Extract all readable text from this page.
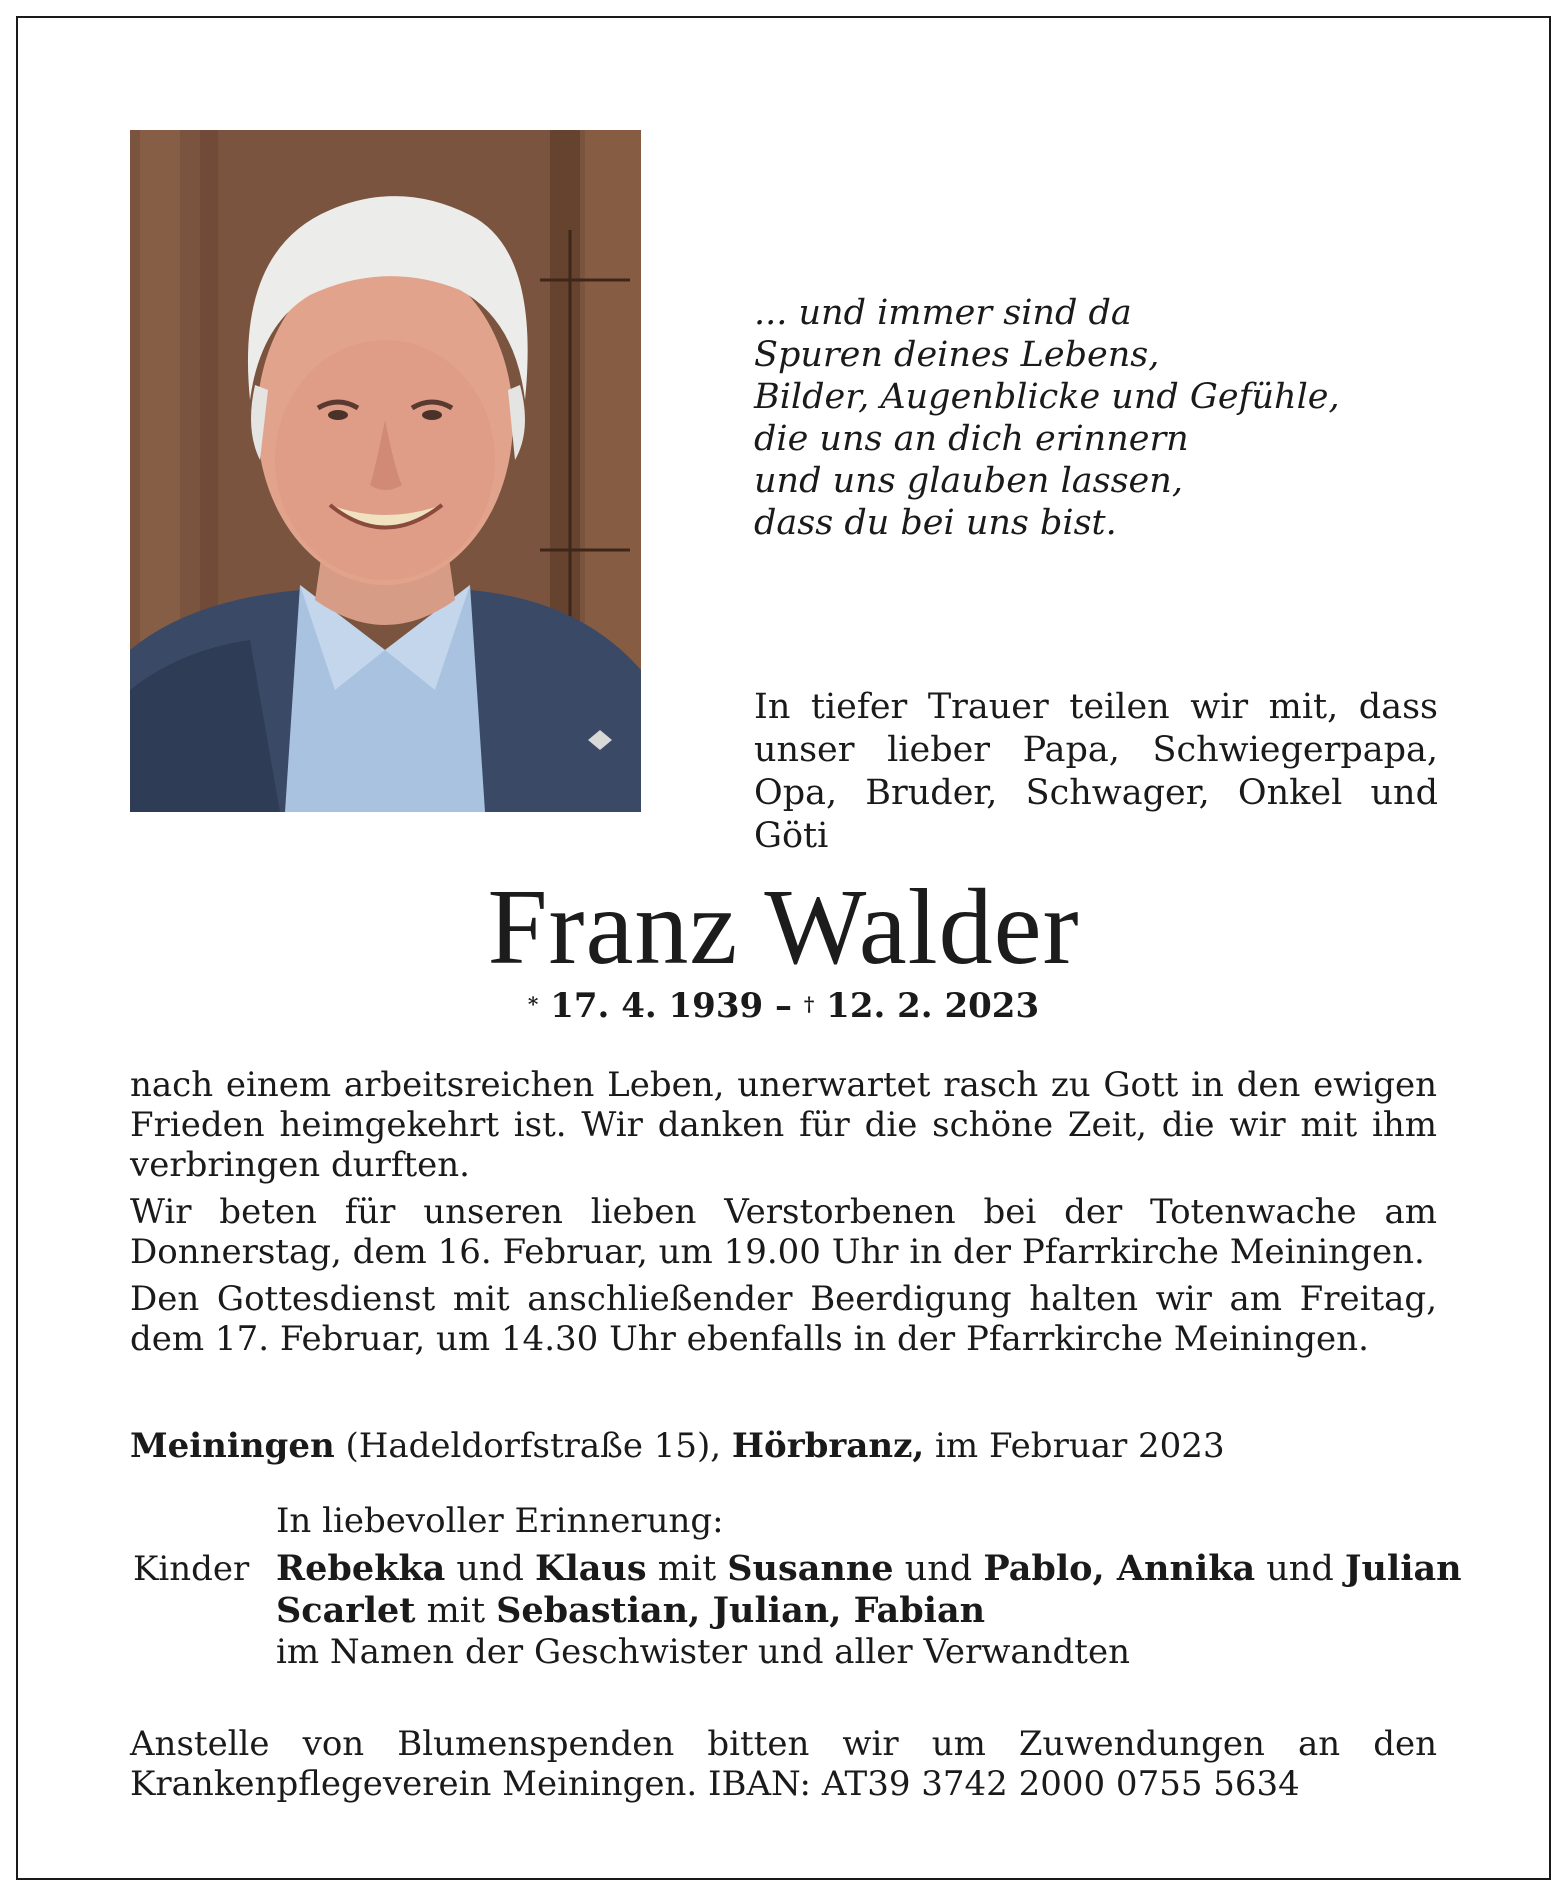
... und immer sind da
Spuren deines Lebens,
Bilder, Augenblicke und Gefühle,
die uns an dich erinnern
und uns glauben lassen,
dass du bei uns bist.
In tiefer Trauer teilen wir mit, dass unser lieber Papa, Schwiegerpapa, Opa, Bruder, Schwager, Onkel und Göti
Franz Walder
* 17. 4. 1939 – † 12. 2. 2023

nach einem arbeitsreichen Leben, unerwartet rasch zu Gott in den ewigen Frieden heimgekehrt ist. Wir danken für die schöne Zeit, die wir mit ihm verbringen durften.

Wir beten für unseren lieben Verstorbenen bei der Totenwache am Donnerstag, dem 16. Februar, um 19.00 Uhr in der Pfarrkirche Meiningen.

Den Gottesdienst mit anschließender Beerdigung halten wir am Freitag, dem 17. Februar, um 14.30 Uhr ebenfalls in der Pfarrkirche Meiningen.

Meiningen (Hadeldorfstraße 15), Hörbranz, im Februar 2023
In liebevoller Erinnerung:
Kinder Rebekka und Klaus mit Susanne und Pablo, Annika und Julian
Scarlet mit Sebastian, Julian, Fabian
im Namen der Geschwister und aller Verwandten
Anstelle von Blumenspenden bitten wir um Zuwendungen an den Krankenpflegeverein Meiningen. IBAN: AT39 3742 2000 0755 5634
